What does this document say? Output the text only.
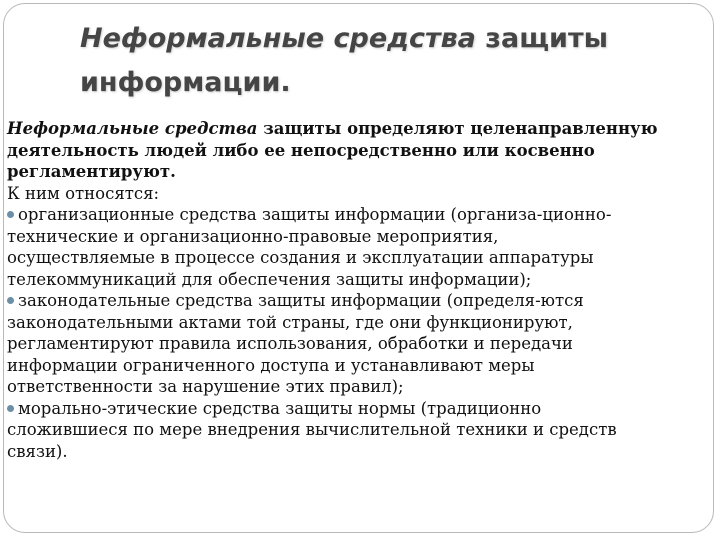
Неформальные средства защиты
информации.

Неформальные средства защиты определяют целенаправленную
деятельность людей либо ее непосредственно или косвенно
регламентируют.

К ним относятся:

организационные средства защиты информации (организа-ционно-
технические и организационно-правовые мероприятия,
осуществляемые в процессе создания и эксплуатации аппаратуры
телекоммуникаций для обеспечения защиты информации);
законодательные средства защиты информации (определя-ются
законодательными актами той страны, где они функционируют,
регламентируют правила использования, обработки и передачи
информации ограниченного доступа и устанавливают меры
ответственности за нарушение этих правил);
морально-этические средства защиты нормы (традиционно
сложившиеся по мере внедрения вычислительной техники и средств
связи).
